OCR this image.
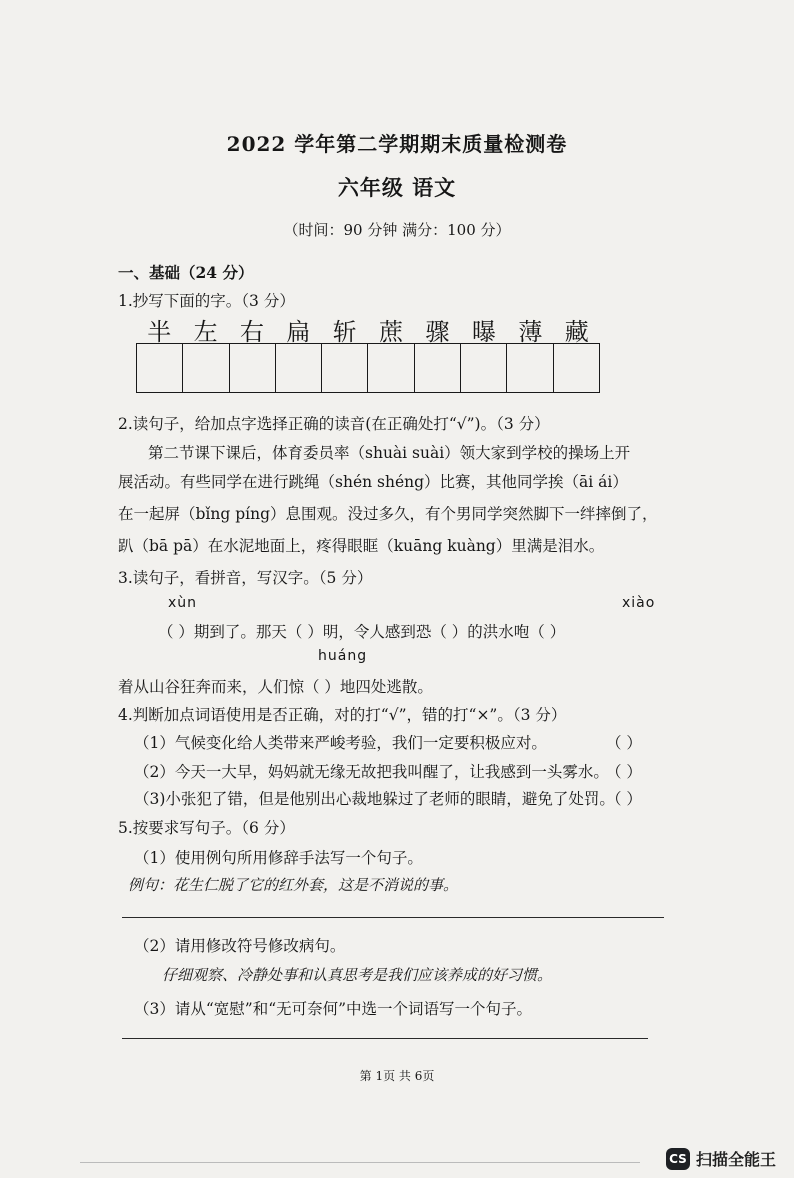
2022 学年第二学期期末质量检测卷
六年级 语文
（时间：90 分钟 满分：100 分）
一、基础（24 分）
1.抄写下面的字。（3 分）
半 左 右 扁 斩 蔗 骤 曝 薄 藏
2.读句子，给加点字选择正确的读音(在正确处打“√”)。（3 分）
第二节课下课后，体育委员率（shuài suài）领大家到学校的操场上开
展活动。有些同学在进行跳绳（shén shéng）比赛，其他同学挨（āi ái）
在一起屏（bǐng píng）息围观。没过多久，有个男同学突然脚下一绊摔倒了，
趴（bā pā）在水泥地面上，疼得眼眶（kuāng kuàng）里满是泪水。
3.读句子，看拼音，写汉字。（5 分）
xùn	xiào
（ ）期到了。那天（ ）明，令人感到恐（ ）的洪水咆（ ）
huáng
着从山谷狂奔而来，人们惊（ ）地四处逃散。
4.判断加点词语使用是否正确，对的打“√”，错的打“×”。（3 分）
（1）气候变化给人类带来严峻考验，我们一定要积极应对。	（ ）
（2）今天一大早，妈妈就无缘无故把我叫醒了，让我感到一头雾水。
（ ）
（3)小张犯了错，但是他别出心裁地躲过了老师的眼睛，避免了处罚。
（ ）
5.按要求写句子。（6 分）
（1）使用例句所用修辞手法写一个句子。
例句：花生仁脱了它的红外套，这是不消说的事。
（2）请用修改符号修改病句。
仔细观察、冷静处事和认真思考是我们应该养成的好习惯。
（3）请从“宽慰”和“无可奈何”中选一个词语写一个句子。
第 1页 共 6页
CS 扫描全能王
